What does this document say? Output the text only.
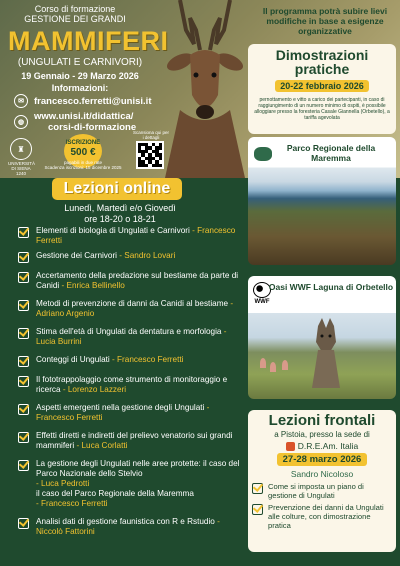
Corso di formazione
GESTIONE DEI GRANDI
MAMMIFERI
(UNGULATI E CARNIVORI)
19 Gennaio - 29 Marzo 2026
Informazioni:
✉	francesco.ferretti@unisi.it
◍
www.unisi.it/didattica/
corsi-di-formazione
♜
UNIVERSITÀ DI SIENA 1240
ISCRIZIONE
500 €
pagabili in due rate
Scadenza iscrizioni: 15 dicembre 2025
Scansiona qui per i dettagli
Il programma potrà subire lievi modifiche in base a esigenze organizzative
Dimostrazioni pratiche
20-22 febbraio 2026
pernottamento e vitto a carico dei partecipanti, in caso di raggiungimento di un numero minimo di ospiti, è possibile alloggiare presso la foresteria Casale Giannella (Orbetello), a tariffa agevolata
Parco Regionale della Maremma
WWF
Oasi WWF Laguna di Orbetello
Lezioni online
Lunedì, Martedì e/o Giovedì
ore 18-20 o 18-21
Elementi di biologia di Ungulati e Carnivori - Francesco Ferretti
Gestione dei Carnivori - Sandro Lovari
Accertamento della predazione sul bestiame da parte di Canidi - Enrica Bellinello
Metodi di prevenzione di danni da Canidi al bestiame - Adriano Argenio
Stima dell'età di Ungulati da dentatura e morfologia - Lucia Burrini
Conteggi di Ungulati - Francesco Ferretti
Il fototrappolaggio come strumento di monitoraggio e ricerca - Lorenzo Lazzeri
Aspetti emergenti nella gestione degli Ungulati - Francesco Ferretti
Effetti diretti e indiretti del prelievo venatorio sui grandi mammiferi - Luca Corlatti
La gestione degli Ungulati nelle aree protette: il caso del Parco Nazionale dello Stelvio
- Luca Pedrotti
il caso del Parco Regionale della Maremma
- Francesco Ferretti
Analisi dati di gestione faunistica con R e Rstudio - Niccolò Fattorini
Lezioni frontali
a Pistoia, presso la sede di
D.R.E.Am. Italia
27-28 marzo 2026
Sandro Nicoloso
Come si imposta un piano di gestione di Ungulati
Prevenzione dei danni da Ungulati alle colture, con dimostrazione pratica
